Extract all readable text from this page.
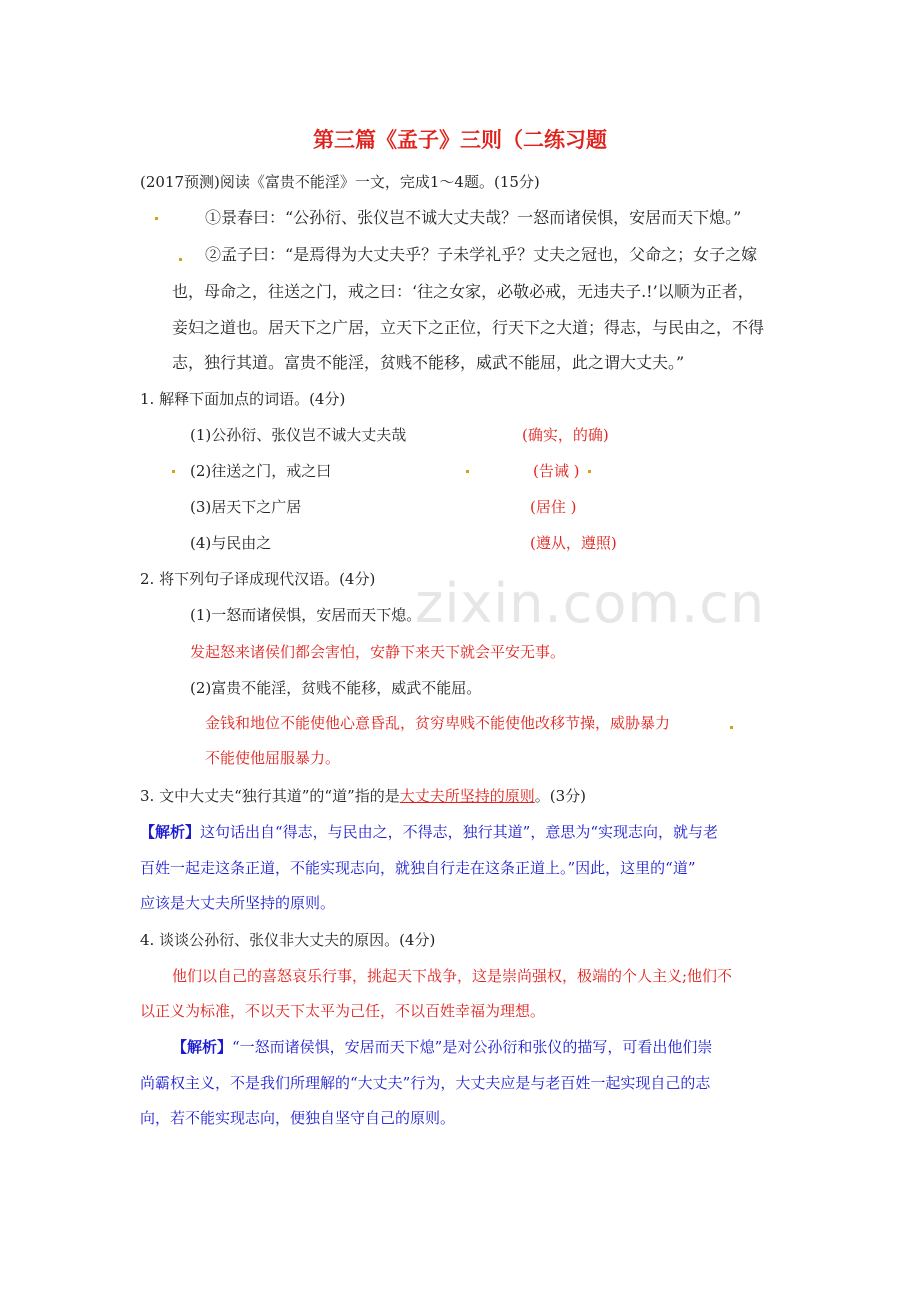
zixin.com.cn
第三篇《孟子》三则（二练习题
(2017预测)阅读《富贵不能淫》一文，完成1～4题。(15分)
①景春曰：“公孙衍、张仪岂不诚大丈夫哉？一怒而诸侯惧，安居而天下熄。”
②孟子曰：“是焉得为大丈夫乎？子未学礼乎？丈夫之冠也，父命之；女子之嫁
也，母命之，往送之门，戒之曰：‘往之女家，必敬必戒，无违夫子.!’以顺为正者，
妾妇之道也。居天下之广居，立天下之正位，行天下之大道；得志，与民由之，不得
志，独行其道。富贵不能淫，贫贱不能移，威武不能屈，此之谓大丈夫。”
1. 解释下面加点的词语。(4分)
(1)公孙衍、张仪岂不诚大丈夫哉	(确实，的确)
(2)往送之门，戒之曰	(告诫 )
(3)居天下之广居	(居住 )
(4)与民由之	(遵从，遵照)
2. 将下列句子译成现代汉语。(4分)
(1)一怒而诸侯惧，安居而天下熄。
发起怒来诸侯们都会害怕，安静下来天下就会平安无事。
(2)富贵不能淫，贫贱不能移，威武不能屈。
金钱和地位不能使他心意昏乱，贫穷卑贱不能使他改移节操，威胁暴力
不能使他屈服暴力。
3. 文中大丈夫“独行其道”的“道”指的是大丈夫所坚持的原则。(3分)
【解析】这句话出自“得志，与民由之，不得志，独行其道”，意思为“实现志向，就与老
百姓一起走这条正道，不能实现志向，就独自行走在这条正道上。”因此，这里的“道”
应该是大丈夫所坚持的原则。
4. 谈谈公孙衍、张仪非大丈夫的原因。(4分)
他们以自己的喜怒哀乐行事，挑起天下战争，这是崇尚强权，极端的个人主义;他们不
以正义为标准，不以天下太平为己任，不以百姓幸福为理想。
【解析】“一怒而诸侯惧，安居而天下熄”是对公孙衍和张仪的描写，可看出他们崇
尚霸权主义，不是我们所理解的“大丈夫”行为，大丈夫应是与老百姓一起实现自己的志
向，若不能实现志向，便独自坚守自己的原则。
